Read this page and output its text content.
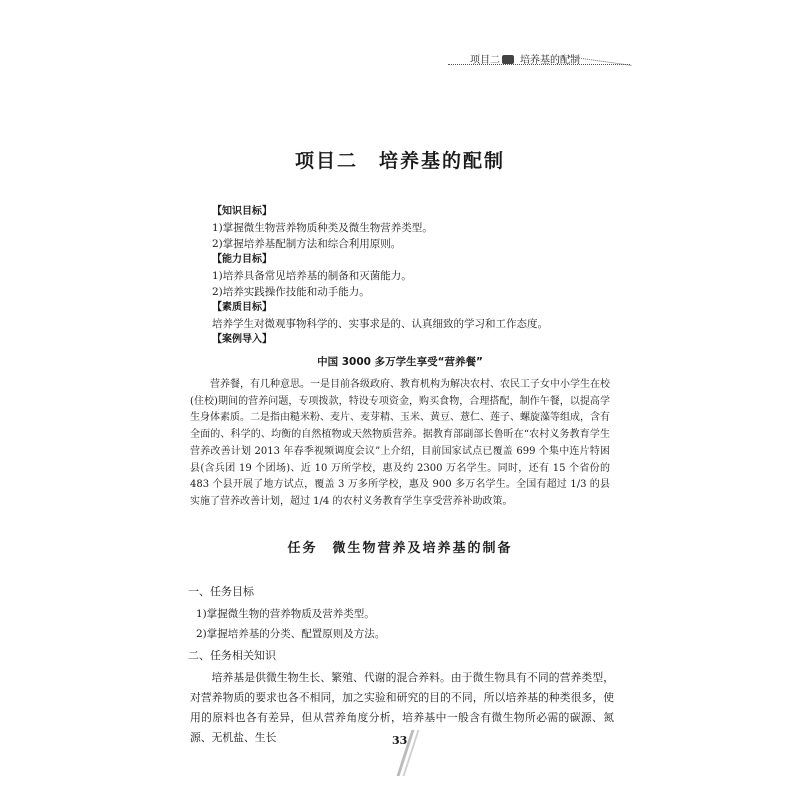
项目二 培养基的配制
项目二　培养基的配制
【知识目标】
1)掌握微生物营养物质种类及微生物营养类型。
2)掌握培养基配制方法和综合利用原则。
【能力目标】
1)培养具备常见培养基的制备和灭菌能力。
2)培养实践操作技能和动手能力。
【素质目标】
培养学生对微观事物科学的、实事求是的、认真细致的学习和工作态度。
【案例导入】
中国 3000 多万学生享受“营养餐”

营养餐，有几种意思。一是目前各级政府、教育机构为解决农村、农民工子女中小学生在校(住校)期间的营养问题，专项拨款，特设专项资金，购买食物，合理搭配，制作午餐，以提高学生身体素质。二是指由糙米粉、麦片、麦芽精、玉米、黄豆、薏仁、莲子、螺旋藻等组成，含有全面的、科学的、均衡的自然植物或天然物质营养。据教育部副部长鲁昕在“农村义务教育学生营养改善计划 2013 年春季视频调度会议”上介绍，目前国家试点已覆盖 699 个集中连片特困县(含兵团 19 个团场)、近 10 万所学校，惠及约 2300 万名学生。同时，还有 15 个省份的 483 个县开展了地方试点，覆盖 3 万多所学校，惠及 900 多万名学生。全国有超过 1/3 的县实施了营养改善计划，超过 1/4 的农村义务教育学生享受营养补助政策。

任务　微生物营养及培养基的制备
一、任务目标
1)掌握微生物的营养物质及营养类型。
2)掌握培养基的分类、配置原则及方法。
二、任务相关知识

培养基是供微生物生长、繁殖、代谢的混合养料。由于微生物具有不同的营养类型，对营养物质的要求也各不相同，加之实验和研究的目的不同，所以培养基的种类很多，使用的原料也各有差异，但从营养角度分析，培养基中一般含有微生物所必需的碳源、氮源、无机盐、生长	33
